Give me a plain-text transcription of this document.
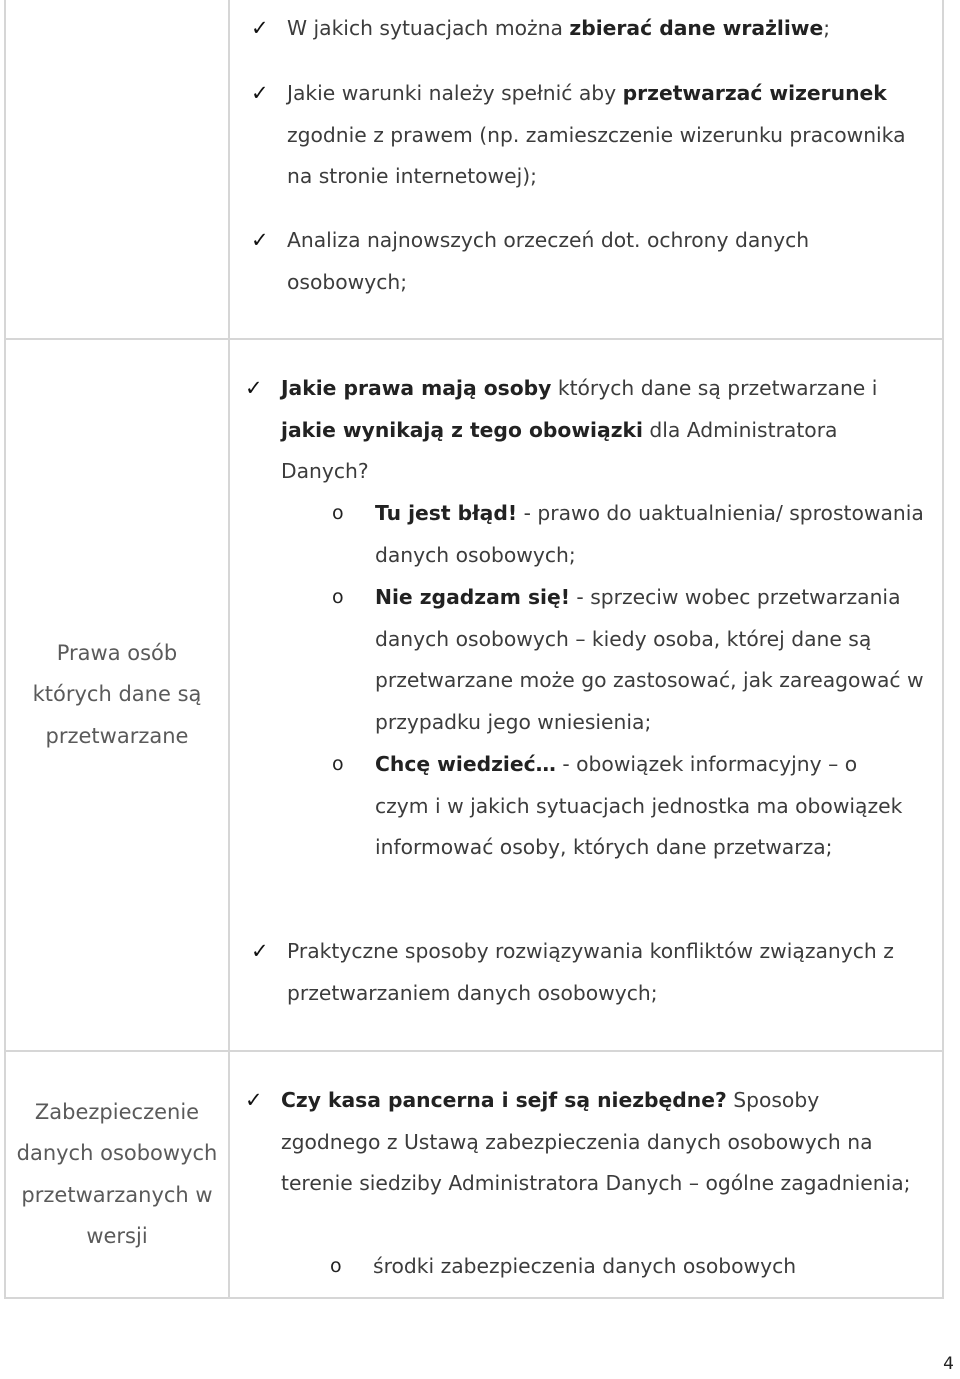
✓ W jakich sytuacjach można zbierać dane wrażliwe;
✓ Jakie warunki należy spełnić aby przetwarzać wizerunek zgodnie z prawem (np. zamieszczenie wizerunku pracownika na stronie internetowej);
✓ Analiza najnowszych orzeczeń dot. ochrony danych osobowych;
Prawa osób których dane są przetwarzane
✓ Jakie prawa mają osoby których dane są przetwarzane i jakie wynikają z tego obowiązki dla Administratora Danych?
o Tu jest błąd! - prawo do uaktualnienia/ sprostowania danych osobowych;
o Nie zgadzam się! - sprzeciw wobec przetwarzania danych osobowych – kiedy osoba, której dane są przetwarzane może go zastosować, jak zareagować w przypadku jego wniesienia;
o Chcę wiedzieć… - obowiązek informacyjny – o czym i w jakich sytuacjach jednostka ma obowiązek informować osoby, których dane przetwarza;
✓ Praktyczne sposoby rozwiązywania konfliktów związanych z przetwarzaniem danych osobowych;
Zabezpieczenie danych osobowych przetwarzanych w wersji
✓ Czy kasa pancerna i sejf są niezbędne? Sposoby zgodnego z Ustawą zabezpieczenia danych osobowych na terenie siedziby Administratora Danych – ogólne zagadnienia;
o środki zabezpieczenia danych osobowych
4
